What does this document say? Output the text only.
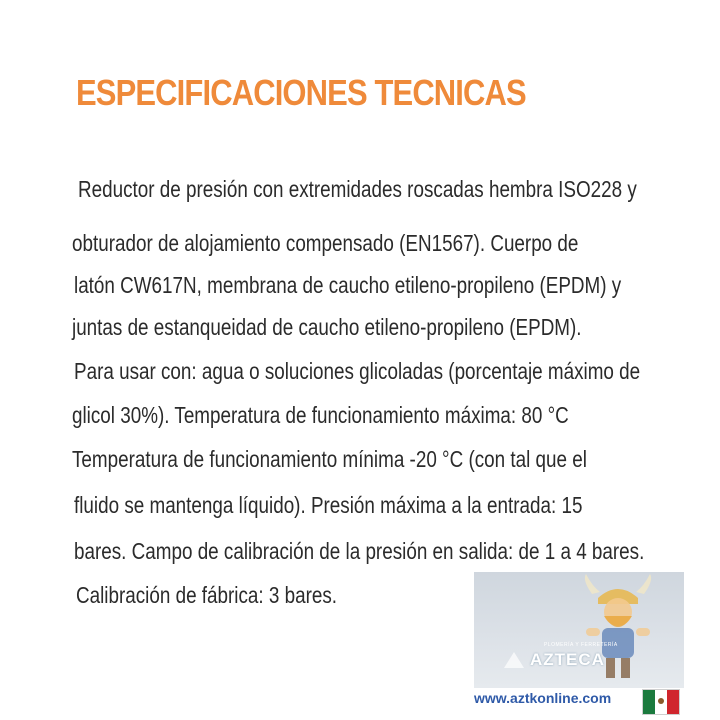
ESPECIFICACIONES TECNICAS
Reductor de presión con extremidades roscadas hembra ISO228 y
obturador de alojamiento compensado (EN1567). Cuerpo de
latón CW617N, membrana de caucho etileno-propileno (EPDM) y
juntas de estanqueidad de caucho etileno-propileno (EPDM).
Para usar con: agua o soluciones glicoladas (porcentaje máximo de
glicol 30%). Temperatura de funcionamiento máxima: 80 °C
Temperatura de funcionamiento mínima -20 °C (con tal que el
fluido se mantenga líquido). Presión máxima a la entrada: 15
bares. Campo de calibración de la presión en salida: de 1 a 4 bares.
Calibración de fábrica: 3 bares.
PLOMERÍA Y FERRETERÍA
AZTECA
www.aztkonline.com
